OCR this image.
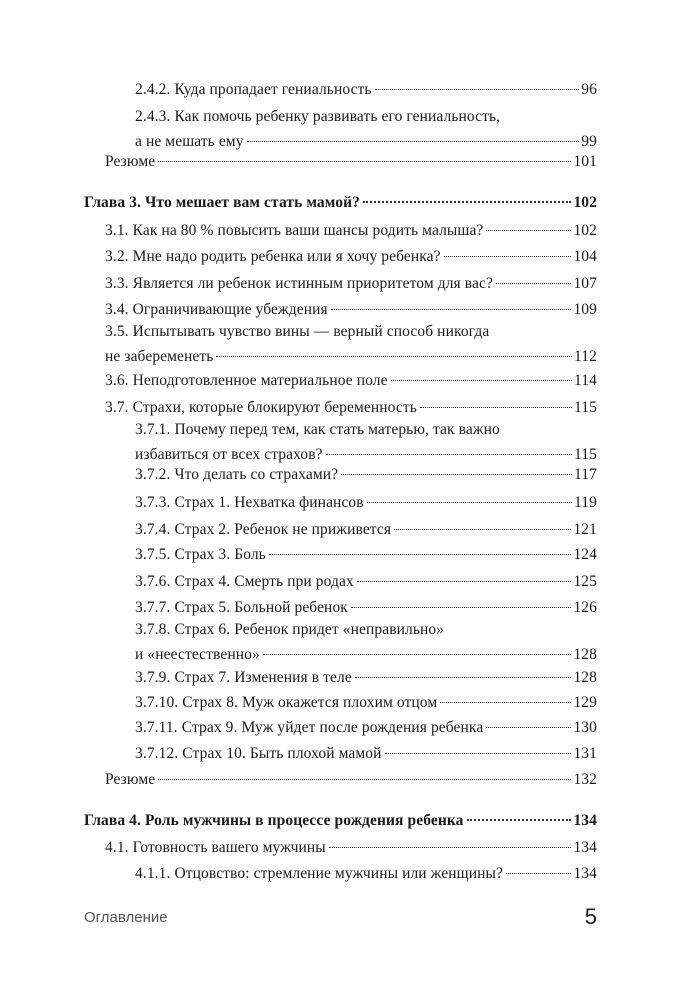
2.4.2. Куда пропадает гениальность	96
2.4.3. Как помочь ребенку развивать его гениальность,
а не мешать ему	99
Резюме	101
Глава 3. Что мешает вам стать мамой?	102
3.1. Как на 80 % повысить ваши шансы родить малыша?	102
3.2. Мне надо родить ребенка или я хочу ребенка?	104
3.3. Является ли ребенок истинным приоритетом для вас?	107
3.4. Ограничивающие убеждения	109
3.5. Испытывать чувство вины — верный способ никогда
не забеременеть	112
3.6. Неподготовленное материальное поле	114
3.7. Страхи, которые блокируют беременность	115
3.7.1. Почему перед тем, как стать матерью, так важно
избавиться от всех страхов?	115
3.7.2. Что делать со страхами?	117
3.7.3. Страх 1. Нехватка финансов	119
3.7.4. Страх 2. Ребенок не приживется	121
3.7.5. Страх 3. Боль	124
3.7.6. Страх 4. Смерть при родах	125
3.7.7. Страх 5. Больной ребенок	126
3.7.8. Страх 6. Ребенок придет «неправильно»
и «неестественно»	128
3.7.9. Страх 7. Изменения в теле	128
3.7.10. Страх 8. Муж окажется плохим отцом	129
3.7.11. Страх 9. Муж уйдет после рождения ребенка	130
3.7.12. Страх 10. Быть плохой мамой	131
Резюме	132
Глава 4. Роль мужчины в процессе рождения ребенка	134
4.1. Готовность вашего мужчины	134
4.1.1. Отцовство: стремление мужчины или женщины?	134
Оглавление	5
